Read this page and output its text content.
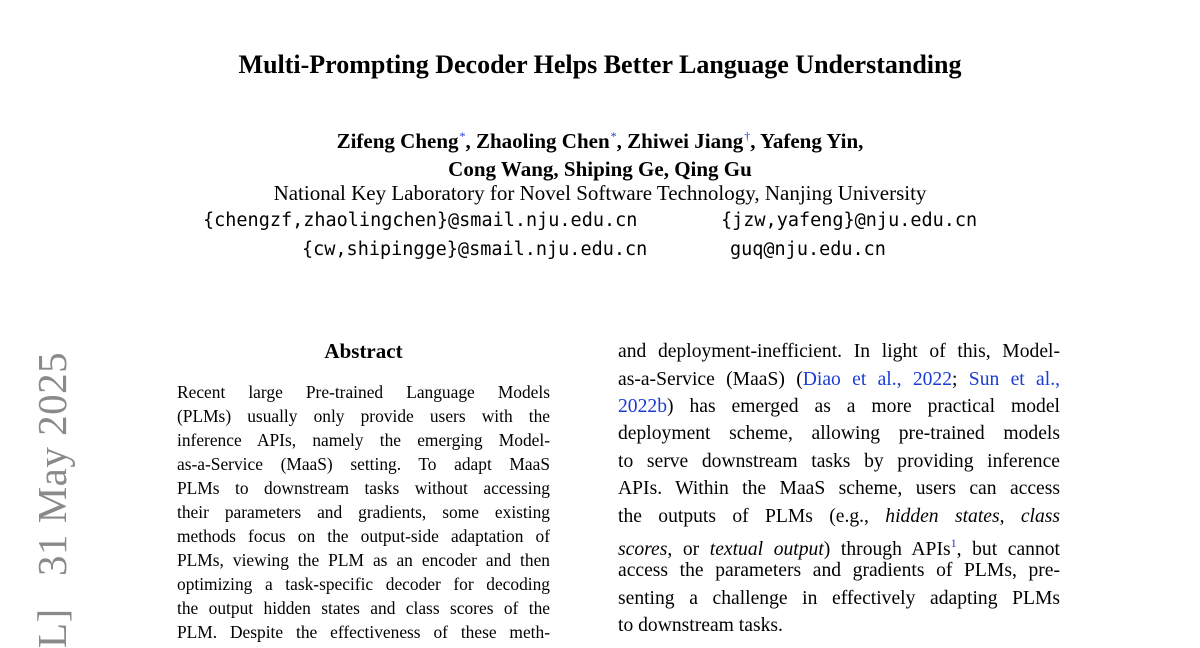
L]   31 May 2025
Multi-Prompting Decoder Helps Better Language Understanding
Zifeng Cheng*, Zhaoling Chen*, Zhiwei Jiang†, Yafeng Yin,
Cong Wang, Shiping Ge, Qing Gu
National Key Laboratory for Novel Software Technology, Nanjing University
{chengzf,zhaolingchen}@smail.nju.edu.cn	{jzw,yafeng}@nju.edu.cn
{cw,shipingge}@smail.nju.edu.cn	guq@nju.edu.cn
Abstract
Recent large Pre-trained Language Models
(PLMs) usually only provide users with the
inference APIs, namely the emerging Model-
as-a-Service (MaaS) setting. To adapt MaaS
PLMs to downstream tasks without accessing
their parameters and gradients, some existing
methods focus on the output-side adaptation of
PLMs, viewing the PLM as an encoder and then
optimizing a task-specific decoder for decoding
the output hidden states and class scores of the
PLM. Despite the effectiveness of these meth-
and deployment-inefficient. In light of this, Model-
as-a-Service (MaaS) (Diao et al., 2022; Sun et al.,
2022b) has emerged as a more practical model
deployment scheme, allowing pre-trained models
to serve downstream tasks by providing inference
APIs. Within the MaaS scheme, users can access
the outputs of PLMs (e.g., hidden states, class
scores, or textual output) through APIs$^1$, but cannot
access the parameters and gradients of PLMs, pre-
senting a challenge in effectively adapting PLMs
to downstream tasks.
